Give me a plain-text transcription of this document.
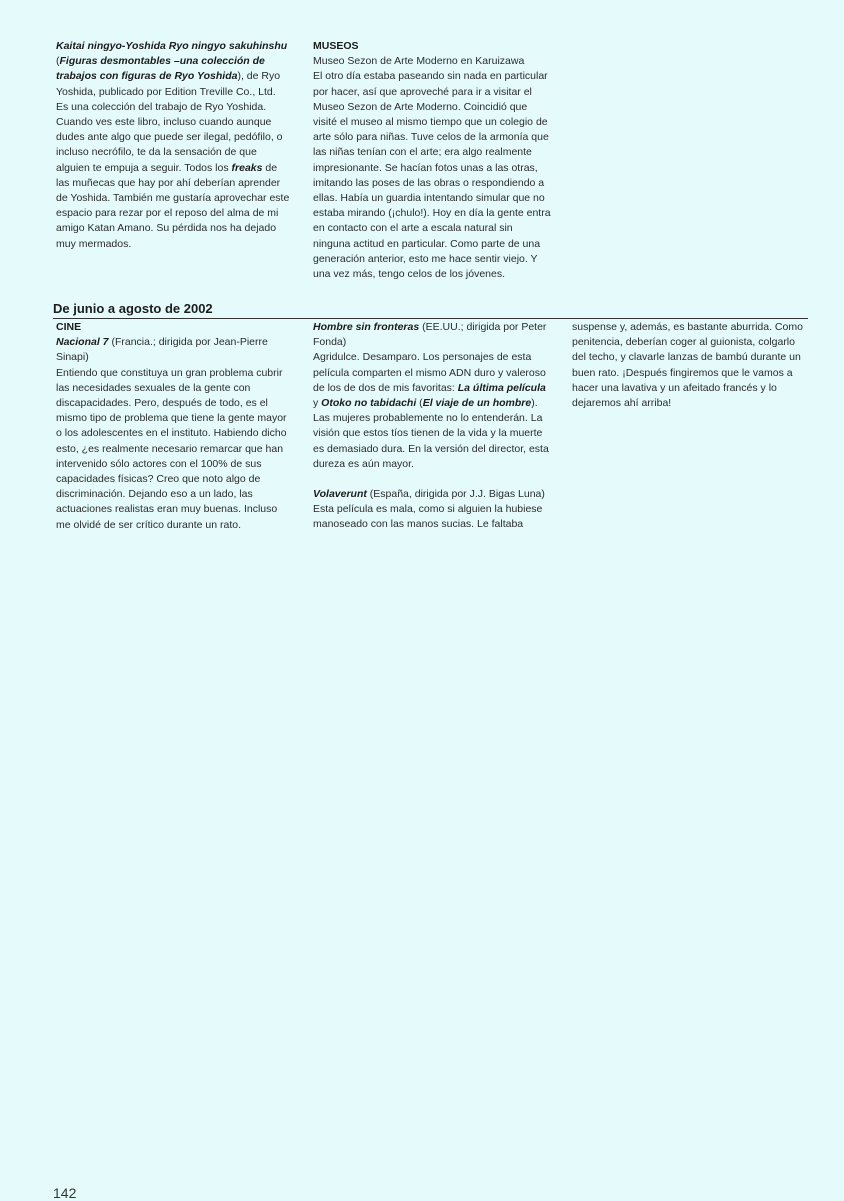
Kaitai ningyo-Yoshida Ryo ningyo sakuhinshu (Figuras desmontables –una colección de trabajos con figuras de Ryo Yoshida), de Ryo Yoshida, publicado por Edition Treville Co., Ltd.

Es una colección del trabajo de Ryo Yoshida. Cuando ves este libro, incluso cuando aunque dudes ante algo que puede ser ilegal, pedófilo, o incluso necrófilo, te da la sensación de que alguien te empuja a seguir. Todos los freaks de las muñecas que hay por ahí deberían aprender de Yoshida. También me gustaría aprovechar este espacio para rezar por el reposo del alma de mi amigo Katan Amano. Su pérdida nos ha dejado muy mermados.

MUSEOS

Museo Sezon de Arte Moderno en Karuizawa

El otro día estaba paseando sin nada en particular por hacer, así que aproveché para ir a visitar el Museo Sezon de Arte Moderno. Coincidió que visité el museo al mismo tiempo que un colegio de arte sólo para niñas. Tuve celos de la armonía que las niñas tenían con el arte; era algo realmente impresionante. Se hacían fotos unas a las otras, imitando las poses de las obras o respondiendo a ellas. Había un guardia intentando simular que no estaba mirando (¡chulo!). Hoy en día la gente entra en contacto con el arte a escala natural sin ninguna actitud en particular. Como parte de una generación anterior, esto me hace sentir viejo. Y una vez más, tengo celos de los jóvenes.

De junio a agosto de 2002

CINE

Nacional 7 (Francia.; dirigida por Jean-Pierre Sinapi)

Entiendo que constituya un gran problema cubrir las necesidades sexuales de la gente con discapacidades. Pero, después de todo, es el mismo tipo de problema que tiene la gente mayor o los adolescentes en el instituto. Habiendo dicho esto, ¿es realmente necesario remarcar que han intervenido sólo actores con el 100% de sus capacidades físicas? Creo que noto algo de discriminación. Dejando eso a un lado, las actuaciones realistas eran muy buenas. Incluso me olvidé de ser crítico durante un rato.

Hombre sin fronteras (EE.UU.; dirigida por Peter Fonda)

Agridulce. Desamparo. Los personajes de esta película comparten el mismo ADN duro y valeroso de los de dos de mis favoritas: La última película y Otoko no tabidachi (El viaje de un hombre). Las mujeres probablemente no lo entenderán. La visión que estos tíos tienen de la vida y la muerte es demasiado dura. En la versión del director, esta dureza es aún mayor.

Volaverunt (España, dirigida por J.J. Bigas Luna)

Esta película es mala, como si alguien la hubiese manoseado con las manos sucias. Le faltaba

suspense y, además, es bastante aburrida. Como penitencia, deberían coger al guionista, colgarlo del techo, y clavarle lanzas de bambú durante un buen rato. ¡Después fingiremos que le vamos a hacer una lavativa y un afeitado francés y lo dejaremos ahí arriba!

142
